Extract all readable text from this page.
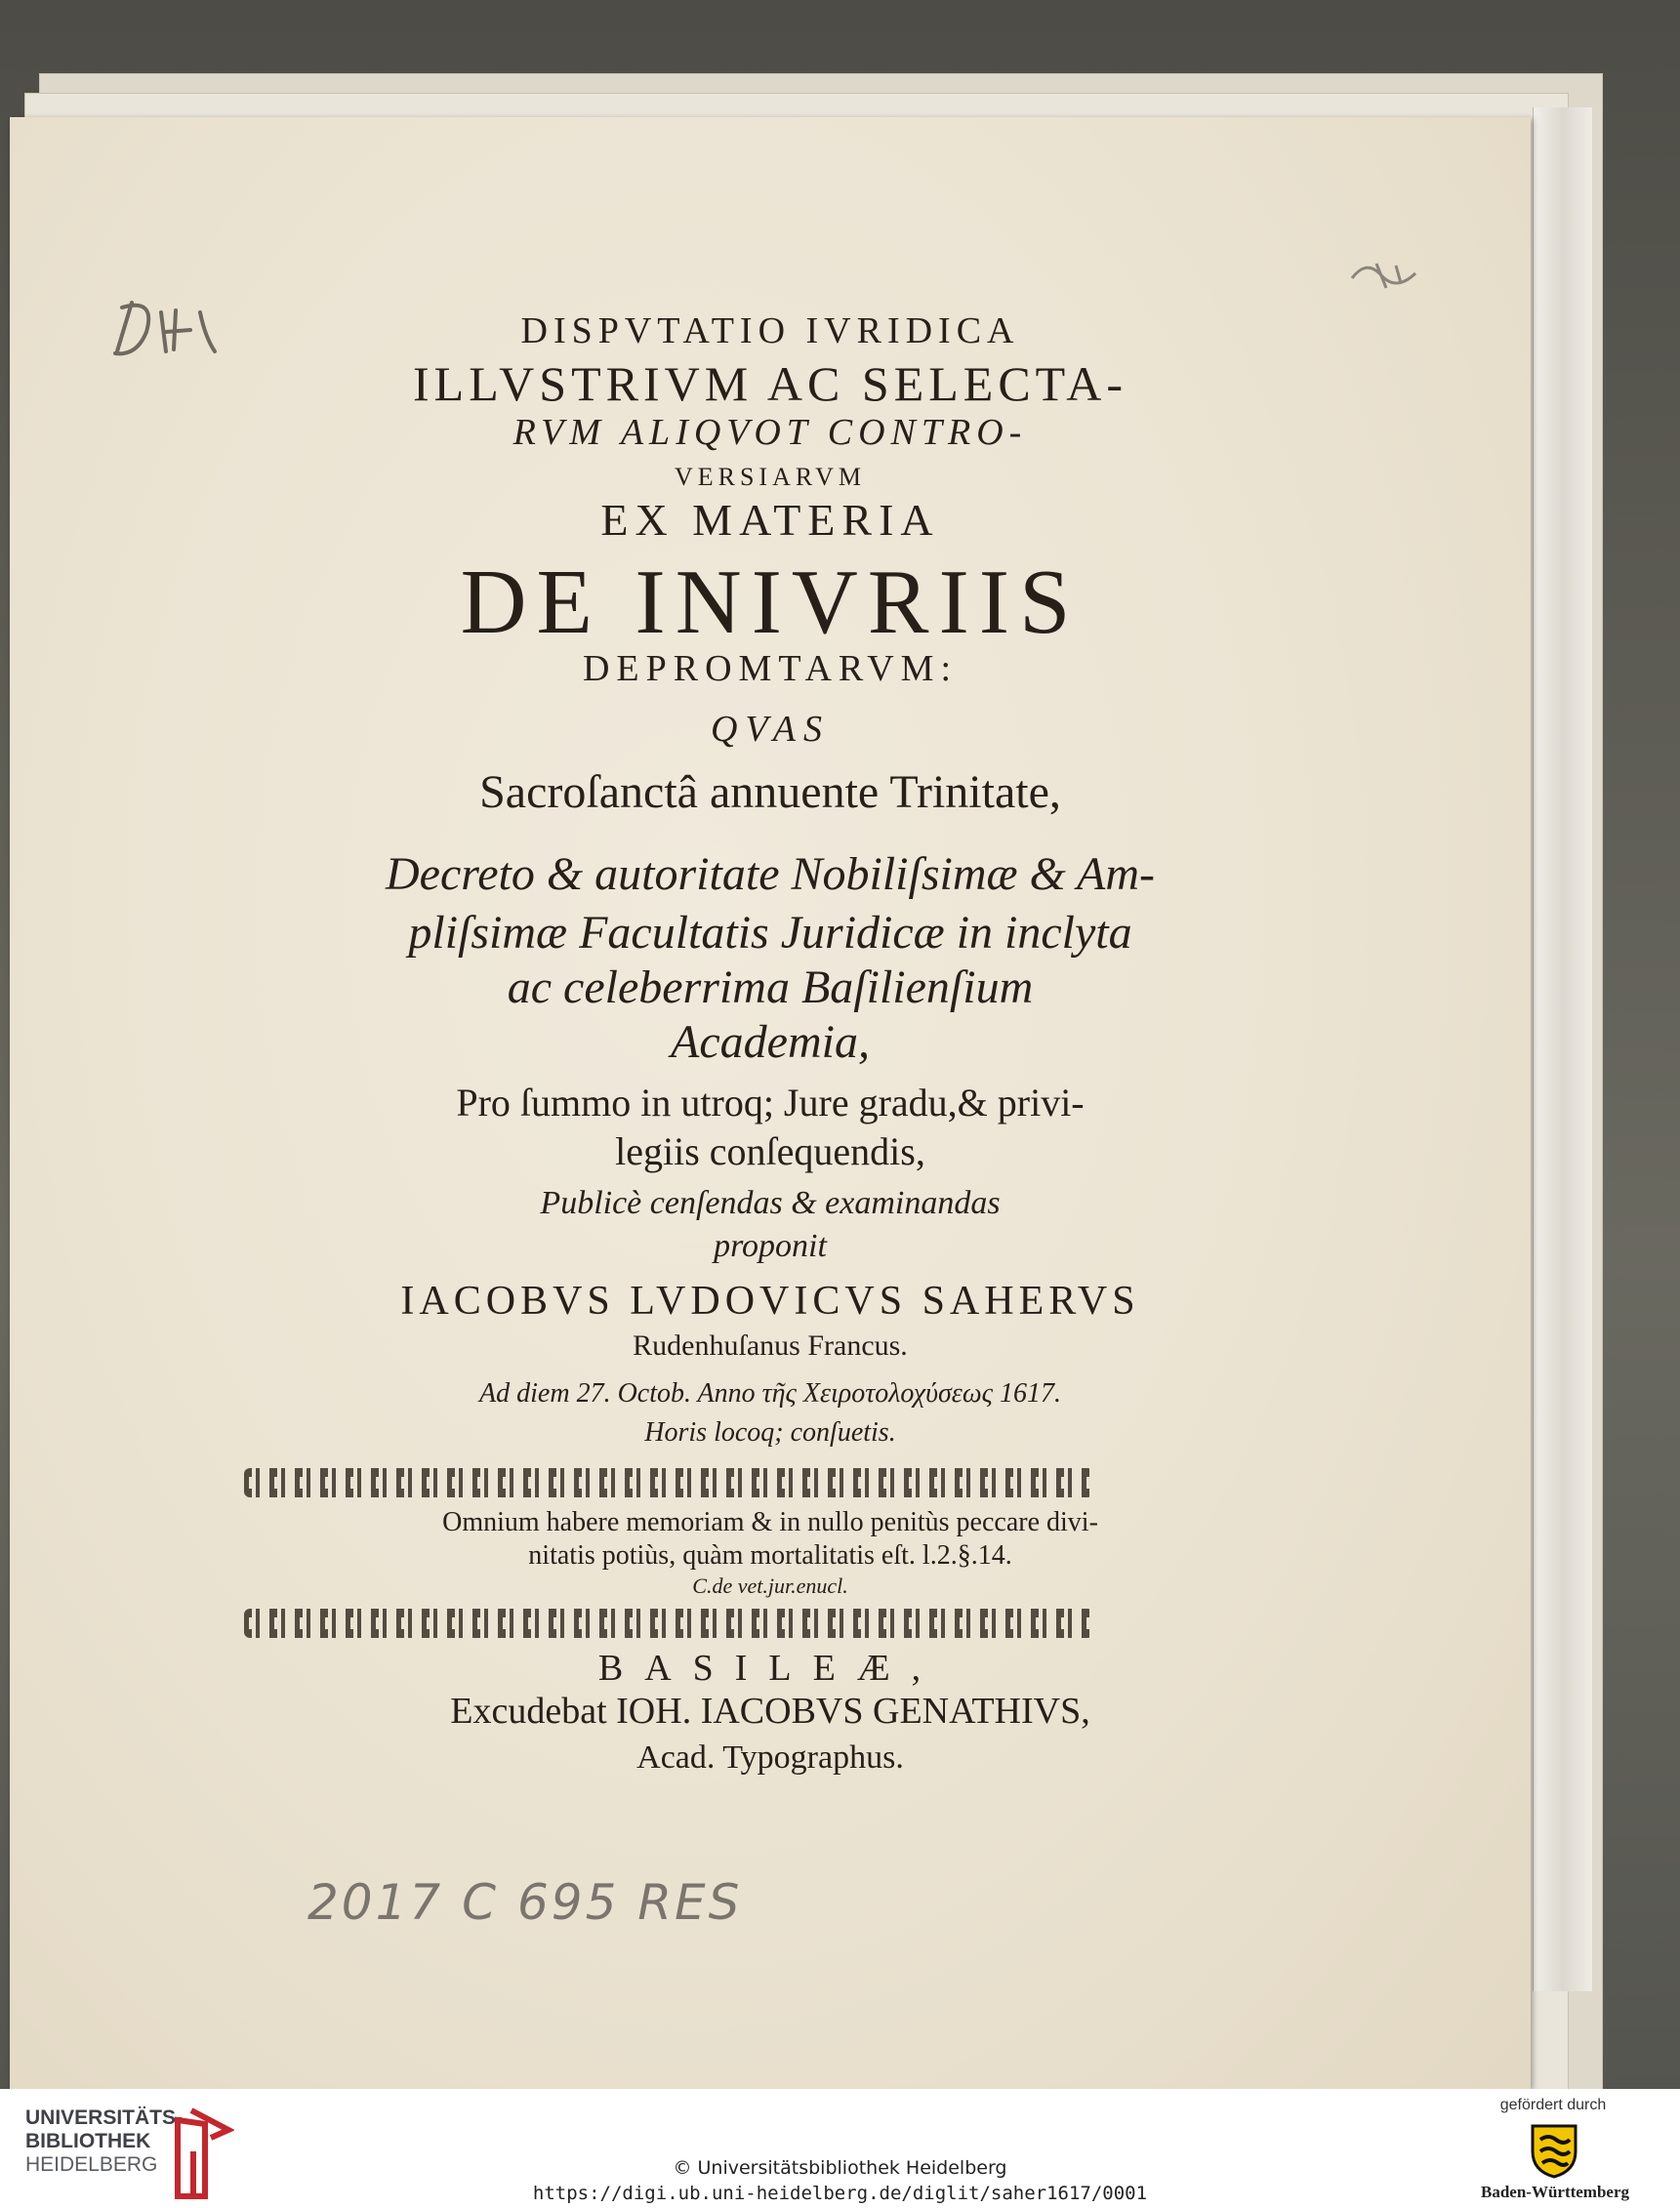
DISPVTATIO IVRIDICA
ILLVSTRIVM AC SELECTA-
RVM ALIQVOT CONTRO-
VERSIARVM
EX MATERIA
DE INIVRIIS
DEPROMTARVM:
QVAS
Sacroſanctâ annuente Trinitate,
Decreto & autoritate Nobiliſsimæ & Am-
pliſsimæ Facultatis Juridicæ in inclyta
ac celeberrima Baſilienſium
Academia,
Pro ſummo in utroq; Jure gradu,& privi-
legiis conſequendis,
Publicè cenſendas & examinandas
proponit
IACOBVS LVDOVICVS SAHERVS
Rudenhuſanus Francus.
Ad diem 27. Octob. Anno τῆς Χειροτολοχύσεως 1617.
Horis locoq; conſuetis.
Omnium habere memoriam & in nullo penitùs peccare divi-
nitatis potiùs, quàm mortalitatis eſt. l.2.§.14.
C.de vet.jur.enucl.
BASILEÆ,
Excudebat IOH. IACOBVS GENATHIVS,
Acad. Typographus.
2017 C 695 RES
UNIVERSITÄTS-
BIBLIOTHEK
HEIDELBERG	© Universitätsbibliothek Heidelberg
https://digi.ub.uni-heidelberg.de/diglit/saher1617/0001
gefördert durch
Baden-Württemberg
